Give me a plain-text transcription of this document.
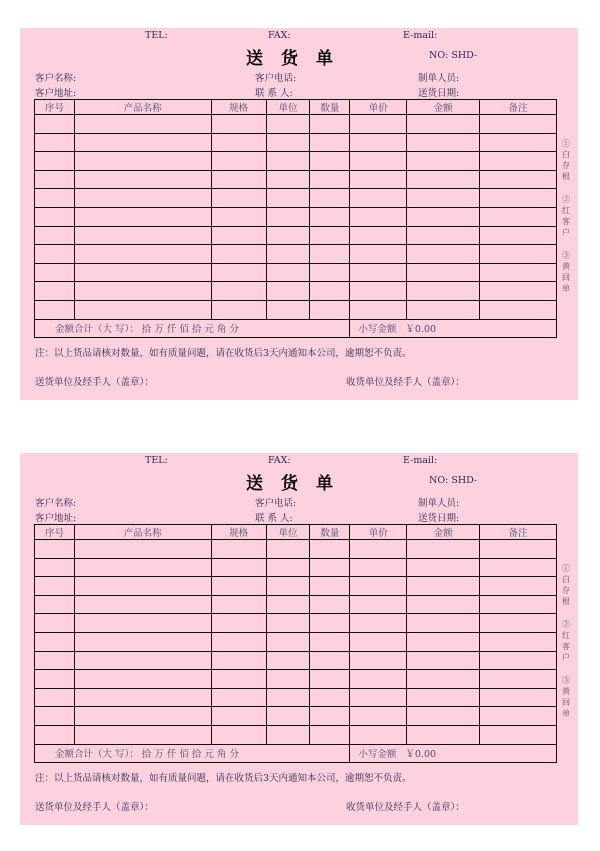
TEL:	FAX:	E-mail:
送货单	NO: SHD-
客户名称:	客户电话:	制单人员:
客户地址:	联 系 人:	送货日期:
序号	产品名称	规格	单位	数量	单价	金额	备注

金额合计（大 写）： 拾 万 仟 佰 拾 元 角 分					小写金额 ￥0.00		
①白存根
②红客户
③黄回单
注：以上货品请核对数量，如有质量问题，请在收货后3天内通知本公司，逾期恕不负责。
送货单位及经手人（盖章）：	收货单位及经手人（盖章）：
TEL:	FAX:	E-mail:
送货单	NO: SHD-
客户名称:	客户电话:	制单人员:
客户地址:	联 系 人:	送货日期:
序号	产品名称	规格	单位	数量	单价	金额	备注

金额合计（大 写）： 拾 万 仟 佰 拾 元 角 分					小写金额 ￥0.00		
①白存根
②红客户
③黄回单
注：以上货品请核对数量，如有质量问题，请在收货后3天内通知本公司，逾期恕不负责。
送货单位及经手人（盖章）：	收货单位及经手人（盖章）：
